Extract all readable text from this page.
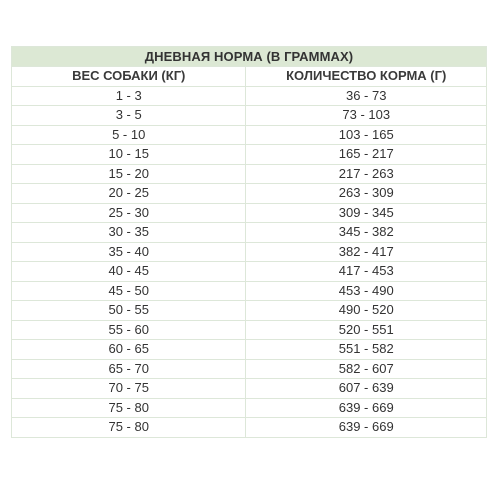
ДНЕВНАЯ НОРМА (В ГРАММАХ)	
ВЕС СОБАКИ (КГ)	КОЛИЧЕСТВО КОРМА (Г)
1 - 3	36 - 73
3 - 5	73 - 103
5 - 10	103 - 165
10 - 15	165 - 217
15 - 20	217 - 263
20 - 25	263 - 309
25 - 30	309 - 345
30 - 35	345 - 382
35 - 40	382 - 417
40 - 45	417 - 453
45 - 50	453 - 490
50 - 55	490 - 520
55 - 60	520 - 551
60 - 65	551 - 582
65 - 70	582 - 607
70 - 75	607 - 639
75 - 80	639 - 669
75 - 80	639 - 669
